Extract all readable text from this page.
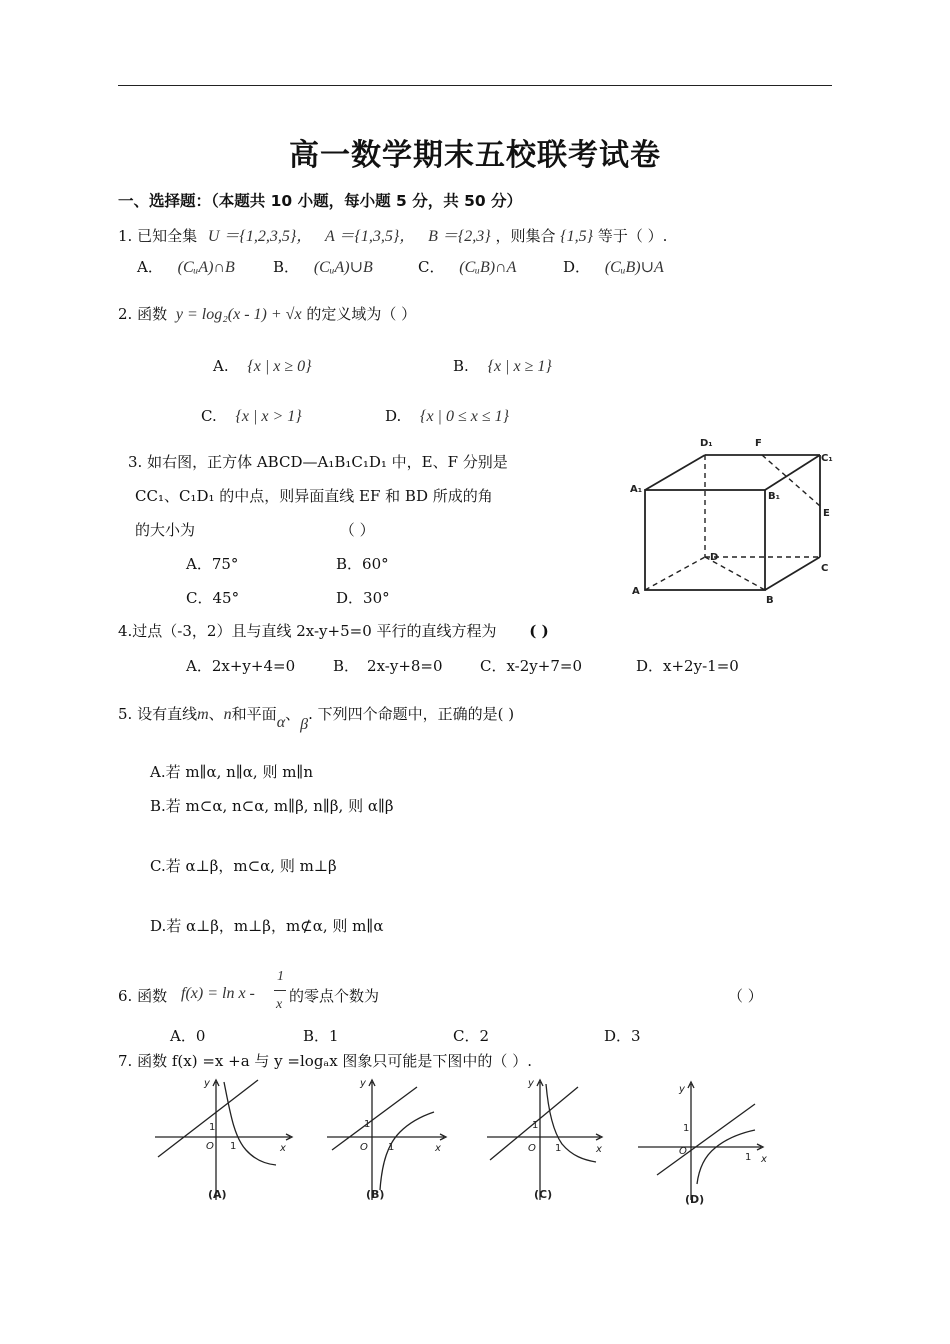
高一数学期末五校联考试卷
一、选择题：（本题共 10 小题，每小题 5 分，共 50 分）
1. 已知全集 U ＝{1,2,3,5}， A ＝{1,3,5}， B ＝{2,3} ，则集合 {1,5} 等于（ ）.
A． (CᵤA)∩B	B． (CᵤA)∪B	C． (CᵤB)∩A	D． (CᵤB)∪A
2. 函数 y = log₂(x - 1) + √x 的定义域为（ ）
A. {x | x ≥ 0}	B. {x | x ≥ 1}
C. {x | x > 1}	D. {x | 0 ≤ x ≤ 1}
3. 如右图，正方体 ABCD—A₁B₁C₁D₁ 中，E、F 分别是
CC₁、C₁D₁ 的中点，则异面直线 EF 和 BD 所成的角
的大小为	（ ）
A．75°	B．60°
C．45°	D．30°
D₁	F
C₁
A₁
B₁
E
D
C
A
B
4.过点（-3，2）且与直线 2x-y+5=0 平行的直线方程为 ( )
A．2x+y+4=0	B． 2x-y+8=0 C．x-2y+7=0	D．x+2y-1=0
5. 设有直线m、n和平面α、β. 下列四个命题中，正确的是( )
A.若 m∥α, n∥α, 则 m∥n
B.若 m⊂α, n⊂α, m∥β, n∥β, 则 α∥β
C.若 α⊥β，m⊂α, 则 m⊥β
D.若 α⊥β，m⊥β，m⊄α, 则 m∥α
6. 函数 f(x) = ln x -
1
x 的零点个数为	（ ）
A．0	B．1	C．2	D．3
7. 函数 f(x) =x +a 与 y =logₐx 图象只可能是下图中的（ ）.
y
x
O
1
1
(A)
y
x
O
1
1
(B)
y
x
O
1
1
(C)
y
x
O
1
1
(D)
